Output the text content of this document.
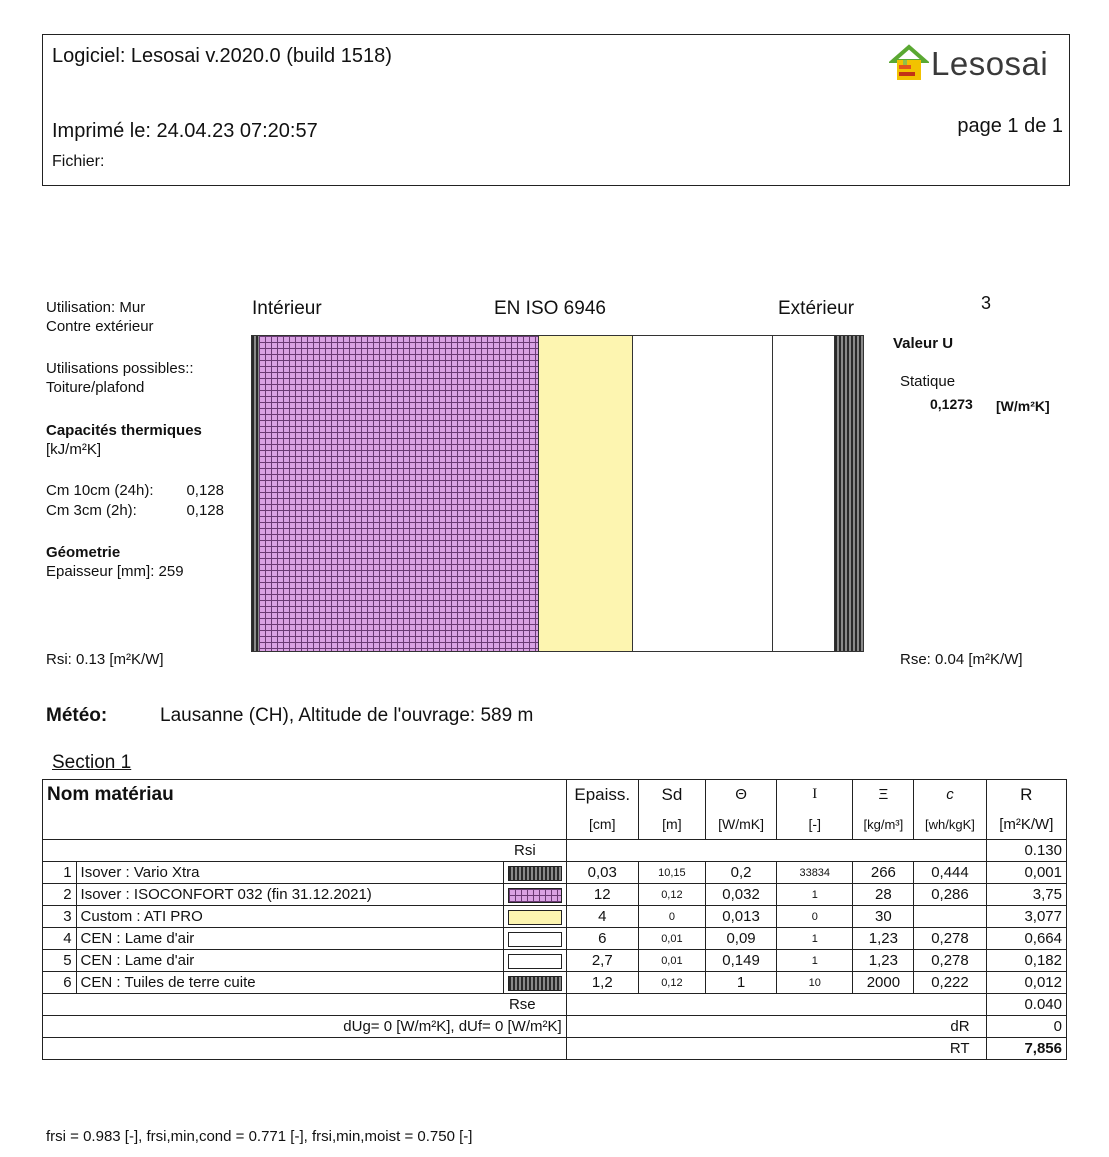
Logiciel: Lesosai v.2020.0 (build 1518)
Imprimé le: 24.04.23 07:20:57
Fichier:
page 1 de 1
Lesosai
Utilisation: Mur
Contre extérieur
Utilisations possibles::
Toiture/plafond
Capacités thermiques
[kJ/m²K]
Cm 10cm (24h): 0,128
Cm 3cm (2h):	0,128
Géometrie
Epaisseur [mm]: 259
Rsi: 0.13 [m²K/W]	Rse: 0.04 [m²K/W]
Intérieur	EN ISO 6946	Extérieur	3
Valeur U
Statique
0,1273 [W/m²K]
Météo:	Lausanne (CH), Altitude de l'ouvrage: 589 m
Section 1
Nom matériau			Epaiss.	Sd	Θ	I	Ξ	c	R
			[cm]	[m]	[W/mK]	[-]	[kg/m³]	[wh/kgK]	[m²K/W]
Rsi									0.130
1	Isover : Vario Xtra		0,03	10,15	0,2	33834	266	0,444	0,001
2	Isover : ISOCONFORT 032 (fin 31.12.2021)		12	0,12	0,032	1	28	0,286	3,75
3	Custom : ATI PRO		4	0	0,013	0	30		3,077
4	CEN : Lame d'air		6	0,01	0,09	1	1,23	0,278	0,664
5	CEN : Lame d'air		2,7	0,01	0,149	1	1,23	0,278	0,182
6	CEN : Tuiles de terre cuite		1,2	0,12	1	10	2000	0,222	0,012
Rse									0.040
dUg= 0 [W/m²K], dUf= 0 [W/m²K]			dR						0
			RT						7,856
frsi = 0.983 [-], frsi,min,cond = 0.771 [-], frsi,min,moist = 0.750 [-]
